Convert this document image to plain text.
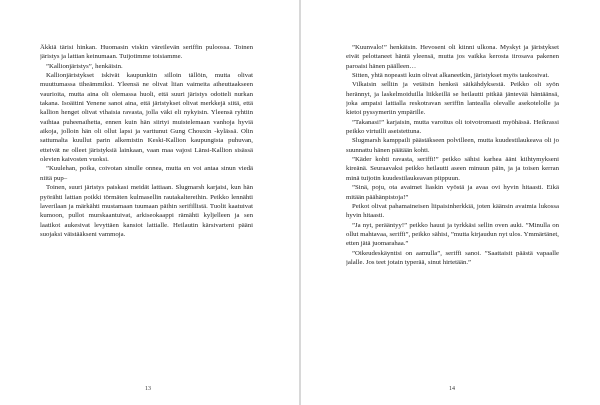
Äkkiä tärisi hinkan. Huomasin viskin väreilevän seriffin puloossa. Toinen järistys ja lattian keinumaan. Tuijotimme toisiamme.

”Kallionjäristys”, henkäisin.

Kallionjäristykset iskivät kaupunkiin silloin tällöin, mutta olivat muuttumassa tiheämmiksi. Yleensä ne olivat liian vaimeita aiheuttaakseen vaurioita, mutta aina oli olemassa huoli, että suuri järistys odotteli nurkan takana. Isoäitini Yenene sanoi aina, että järistykset olivat merkkejä siitä, että kallion henget olivat vihaisia ravasta, jolla väki eli nykyisin. Yleensä ryhtiin vaihtaa puheenaihetta, ennen kuin hän siirtyi muistelemaan vanhoja hyviä aikoja, jolloin hän oli ollut lapsi ja varttunut Gung Chouxin -kylässä. Olin sattumalta kuullut parin alkemistin Keski-Kallion kaupungista puhuvan, etteivät ne olleet järistyksiä lainkaan, vaan maa vajosi Länsi-Kallion sisässä olevien kaivosten vuoksi.

”Kuulehan, poika, coivotan sinulle onnea, mutta en voi antaa sinun viedä niitä pup–

Toinen, suuri järistys paiskasi meidät lattiaan. Slugmarsh karjaisi, kun hän pyörähti lattian poikki törmäten kulmasellin rautakaltereihin. Peikko lennähti laverilaan ja märkähti mustamaan tuumaan päihin serifillistä. Tuolit kaatuivat kumoon, pullot murskaantuivat, arkiseokaappi rämähti kyljelleen ja sen laatikot aukesivat levyttäen kansiot lattialle. Heilautin kärsivarteni pääni suojaksi väistääkseni vammoja.

”Kuunvalo!” henkäisin. Hevoseni oli kiinni ulkona. Myskyt ja järistykset eivät pelottaneet häntä yleensä, mutta jos vaikka kerosta iirosava pakenen paroaisi hänen päälleen…

Sitten, yhtä nopeasti kuin olivat alkaneetkin, järistykset myös taukosivat.

Vilkaisin selliin ja vetäisin henkeä säikähdyksestä. Peikko oli syön herännyt, ja laskelmoiduilla liikkeillä se heilautti pitkää jäntevää häntäänsä, joka ampaisi lattialla reskotravan seriffin lantealla olevalle asekotelolle ja kietoi pyssymeriin ympärille.

”Takanasi!” karjaisin, mutta varoitus oli toivotromasti myöhässä. Heikrassi peikko virtuilli aseistettuna.

Slugmarsh kamppaili päästäkseen polvilleen, mutta kuudestilaukeava oli jo suunnattu hänen päätään kohti.

”Käder kohti ravasta, seriffi!” peikko sähisi karhea ääni kiihtymykseni kireänä. Seuraavaksi peikko heilautti aseen minuun päin, ja ja toisen kerran minä tuijotin kuudestilaukeavan piippuun.

”Sinä, poju, ota avaimet liaskin vyöstä ja avaa ovi hyvin hitaasti. Eikä mitään päähänpistoja!”

Peikot olivat pahamaineisen liipaisinherkkiä, joten käänsin avaimia lukossa hyvin hitaasti.

”Ja nyt, perääntyy!” peikko hauui ja tyrkkäsi sellin oven auki. ”Minulla on ollut mahtavaa, seriffi”, peikko sähisi, ”mutta kirjaudun nyt ulos. Ymmärtänet, etten jätä juomarahaa.”

”Oikeudeskäyntisi on aamulla”, seriffi sanoi. ”Saattaisit päästä vapaalle jalalle. Jos teet jotain typerää, sinut hirtetään.”

13	14
